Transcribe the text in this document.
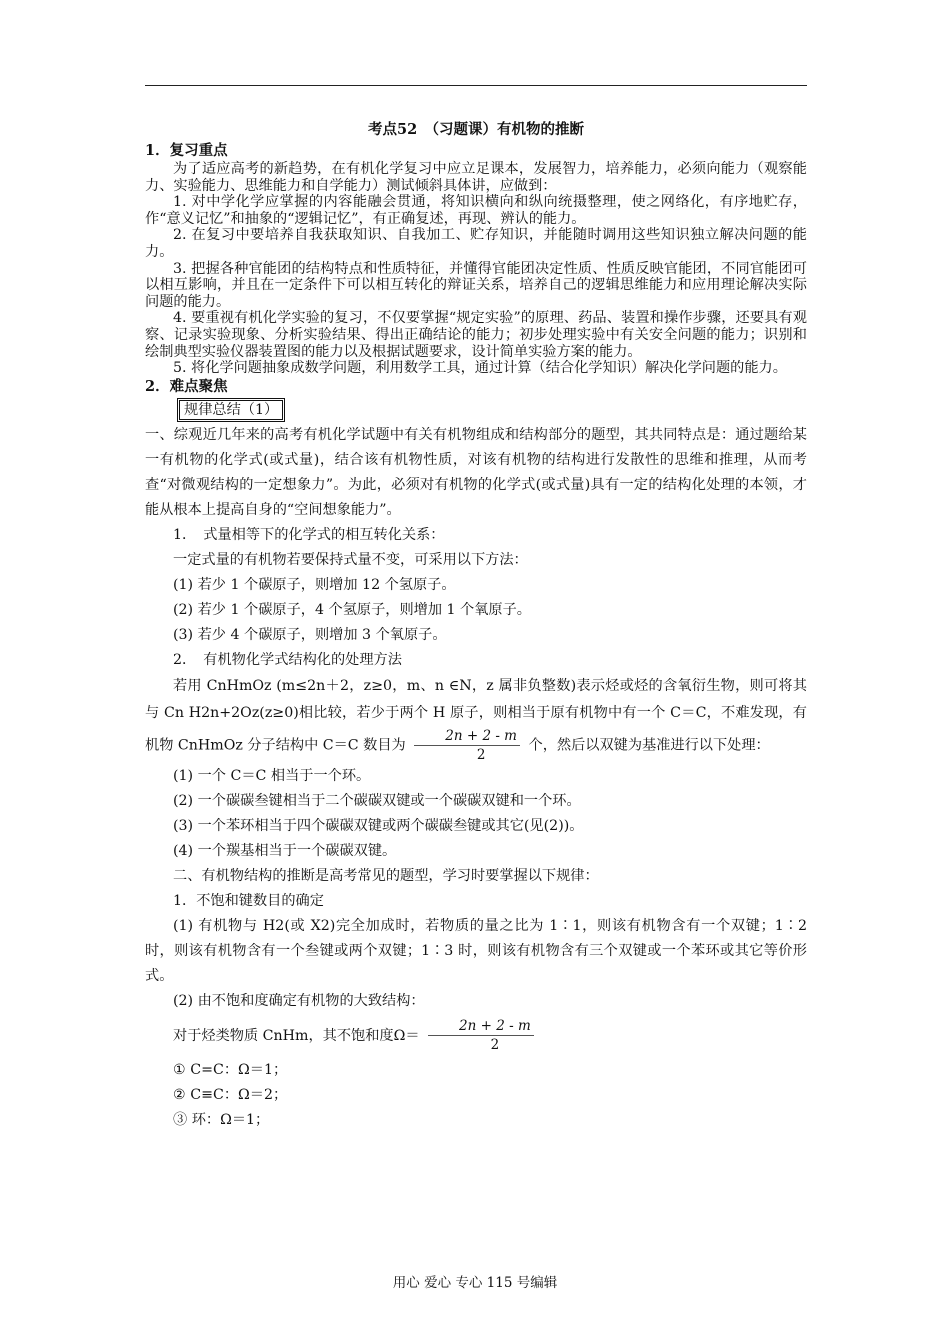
考点52　（习题课）有机物的推断

1．复习重点

为了适应高考的新趋势，在有机化学复习中应立足课本，发展智力，培养能力，必须向能力（观察能力、实验能力、思维能力和自学能力）测试倾斜具体讲，应做到：

1. 对中学化学应掌握的内容能融会贯通，将知识横向和纵向统摄整理，使之网络化，有序地贮存，作“意义记忆”和抽象的“逻辑记忆”，有正确复述，再现、辨认的能力。

2. 在复习中要培养自我获取知识、自我加工、贮存知识，并能随时调用这些知识独立解决问题的能力。

3. 把握各种官能团的结构特点和性质特征，并懂得官能团决定性质、性质反映官能团，不同官能团可以相互影响，并且在一定条件下可以相互转化的辩证关系，培养自己的逻辑思维能力和应用理论解决实际问题的能力。

4. 要重视有机化学实验的复习，不仅要掌握“规定实验”的原理、药品、装置和操作步骤，还要具有观察、记录实验现象、分析实验结果、得出正确结论的能力；初步处理实验中有关安全问题的能力；识别和绘制典型实验仪器装置图的能力以及根据试题要求，设计简单实验方案的能力。

5. 将化学问题抽象成数学问题，利用数学工具，通过计算（结合化学知识）解决化学问题的能力。

2．难点聚焦

规律总结（1）

一、综观近几年来的高考有机化学试题中有关有机物组成和结构部分的题型，其共同特点是：通过题给某一有机物的化学式(或式量)，结合该有机物性质，对该有机物的结构进行发散性的思维和推理，从而考查“对微观结构的一定想象力”。为此，必须对有机物的化学式(或式量)具有一定的结构化处理的本领，才能从根本上提高自身的“空间想象能力”。

1．　式量相等下的化学式的相互转化关系：

一定式量的有机物若要保持式量不变，可采用以下方法：

(1) 若少 1 个碳原子，则增加 12 个氢原子。

(2) 若少 1 个碳原子，4 个氢原子，则增加 1 个氧原子。

(3) 若少 4 个碳原子，则增加 3 个氧原子。

2．　有机物化学式结构化的处理方法

若用 CnHmOz (m≤2n＋2，z≥0，m、n ∈N，z 属非负整数)表示烃或烃的含氧衍生物，则可将其与 Cn H2n+2Oz(z≥0)相比较，若少于两个 H 原子，则相当于原有机物中有一个 C＝C，不难发现，有机物 CnHmOz 分子结构中 C＝C 数目为 $\frac{2n + 2 - m}{2}$ 个，然后以双键为基准进行以下处理：

(1) 一个 C＝C 相当于一个环。

(2) 一个碳碳叁键相当于二个碳碳双键或一个碳碳双键和一个环。

(3) 一个苯环相当于四个碳碳双键或两个碳碳叁键或其它(见(2))。

(4) 一个羰基相当于一个碳碳双键。

二、有机物结构的推断是高考常见的题型，学习时要掌握以下规律：

1．不饱和键数目的确定

(1) 有机物与 H2(或 X2)完全加成时，若物质的量之比为 1∶1，则该有机物含有一个双键；1∶2 时，则该有机物含有一个叁键或两个双键；1∶3 时，则该有机物含有三个双键或一个苯环或其它等价形式。

(2) 由不饱和度确定有机物的大致结构：

对于烃类物质 CnHm，其不饱和度$\Omega= \frac{2n + 2 - m}{2}$

① C=C：Ω＝1；

② C≡C：Ω＝2；

③ 环：Ω＝1；

用心 爱心 专心 115 号编辑
